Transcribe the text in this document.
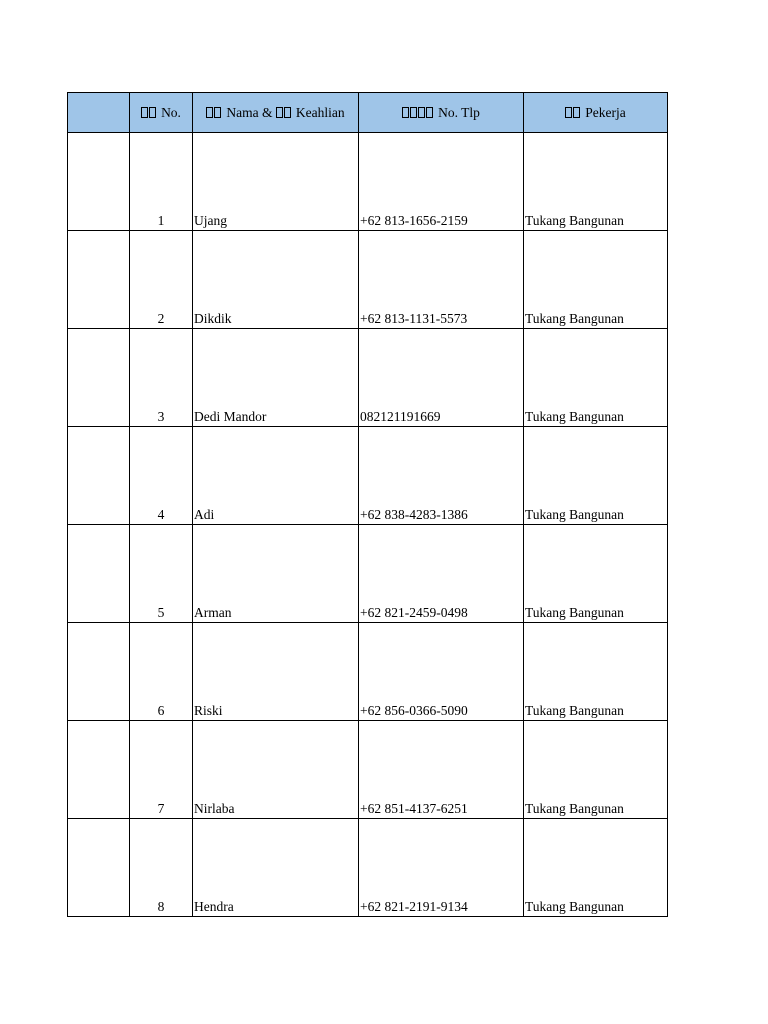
	No.	Nama & Keahlian	No. Tlp	Pekerja
	1	Ujang	+62 813-1656-2159	Tukang Bangunan
	2	Dikdik	+62 813-1131-5573	Tukang Bangunan
	3	Dedi Mandor	082121191669	Tukang Bangunan
	4	Adi	+62 838-4283-1386	Tukang Bangunan
	5	Arman	+62 821-2459-0498	Tukang Bangunan
	6	Riski	+62 856-0366-5090	Tukang Bangunan
	7	Nirlaba	+62 851-4137-6251	Tukang Bangunan
	8	Hendra	+62 821-2191-9134	Tukang Bangunan
